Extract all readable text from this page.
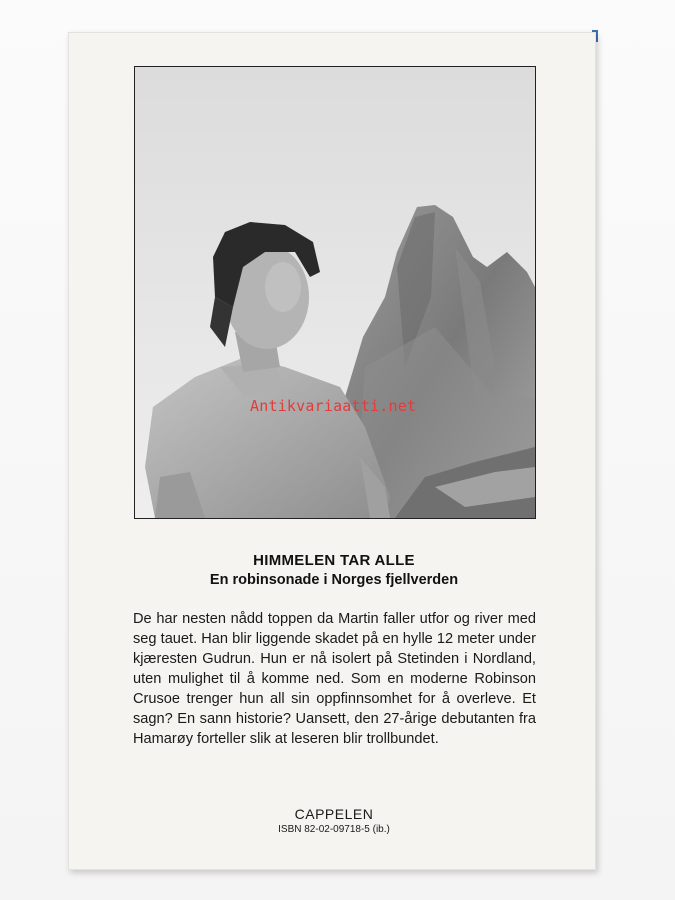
Antikvariaatti.net
HIMMELEN TAR ALLE
En robinsonade i Norges fjellverden
De har nesten nådd toppen da Martin faller utfor og river med seg tauet. Han blir liggende skadet på en hylle 12 meter under kjæresten Gudrun. Hun er nå isolert på Stetinden i Nordland, uten mulighet til å komme ned. Som en moderne Robinson Crusoe trenger hun all sin oppfinnsomhet for å overleve. Et sagn? En sann historie? Uansett, den 27-årige debutanten fra Hamarøy forteller slik at leseren blir trollbundet.
CAPPELEN
ISBN 82-02-09718-5 (ib.)
